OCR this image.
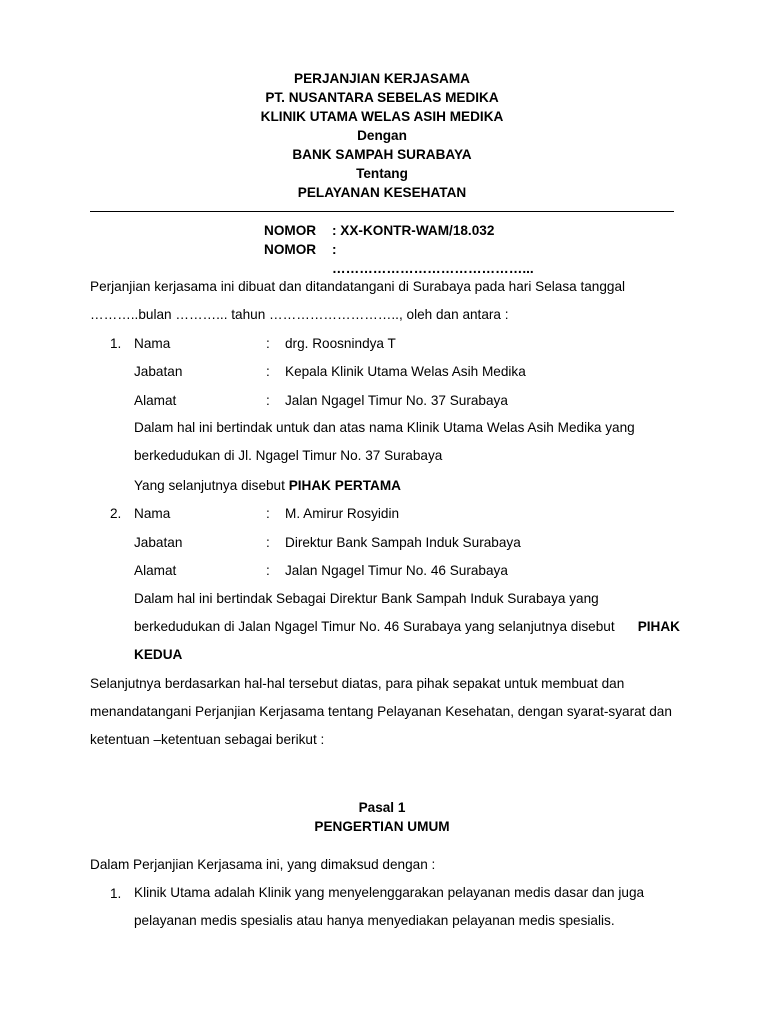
PERJANJIAN KERJASAMA
PT. NUSANTARA SEBELAS MEDIKA
KLINIK UTAMA WELAS ASIH MEDIKA
Dengan
BANK SAMPAH SURABAYA
Tentang
PELAYANAN KESEHATAN
NOMOR	: XX-KONTR-WAM/18.032
NOMOR	: ……………………………………...
Perjanjian kerjasama ini dibuat dan ditandatangani di Surabaya pada hari Selasa tanggal
………..bulan ………... tahun ……………………….., oleh dan antara :
1. Nama	: drg. Roosnindya T
Jabatan	: Kepala Klinik Utama Welas Asih Medika
Alamat	: Jalan Ngagel Timur No. 37 Surabaya
Dalam hal ini bertindak untuk dan atas nama Klinik Utama Welas Asih Medika yang
berkedudukan di Jl. Ngagel Timur No. 37 Surabaya
Yang selanjutnya disebut PIHAK PERTAMA
2. Nama	: M. Amirur Rosyidin
Jabatan	: Direktur Bank Sampah Induk Surabaya
Alamat	: Jalan Ngagel Timur No. 46 Surabaya
Dalam hal ini bertindak Sebagai Direktur Bank Sampah Induk Surabaya yang
berkedudukan di Jalan Ngagel Timur No. 46 Surabaya yang selanjutnya disebut PIHAK
KEDUA
Selanjutnya berdasarkan hal-hal tersebut diatas, para pihak sepakat untuk membuat dan
menandatangani Perjanjian Kerjasama tentang Pelayanan Kesehatan, dengan syarat-syarat dan
ketentuan –ketentuan sebagai berikut :
Pasal 1
PENGERTIAN UMUM
Dalam Perjanjian Kerjasama ini, yang dimaksud dengan :
1. Klinik Utama adalah Klinik yang menyelenggarakan pelayanan medis dasar dan juga
pelayanan medis spesialis atau hanya menyediakan pelayanan medis spesialis.
